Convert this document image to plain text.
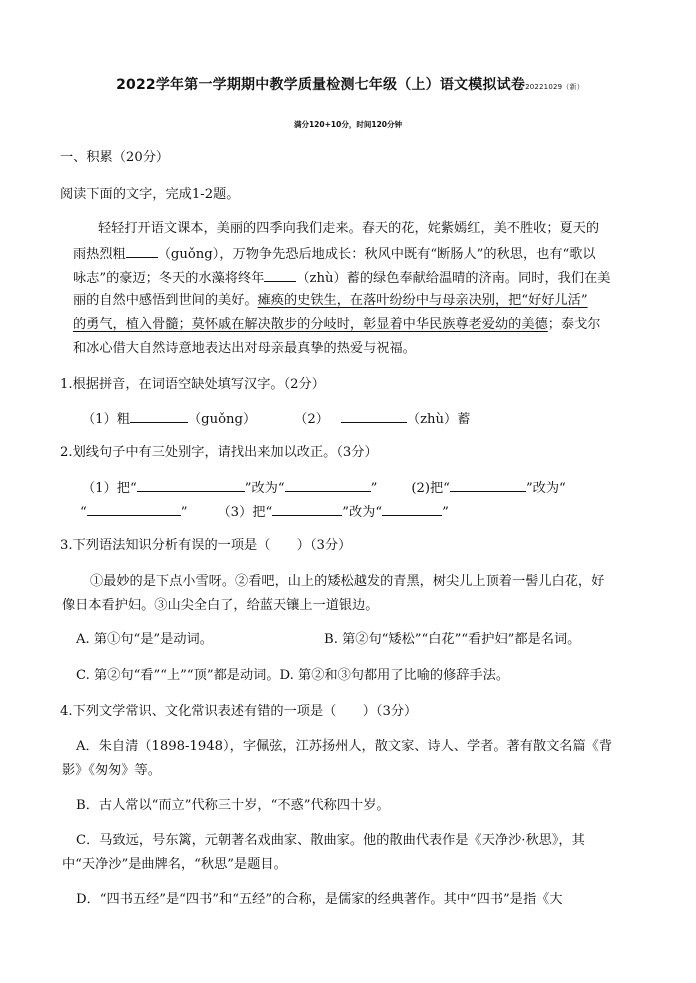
2022学年第一学期期中教学质量检测七年级（上）语文模拟试卷20221029（新）
满分120+10分，时间120分钟
一、积累（20分）
阅读下面的文字，完成1-2题。
轻轻打开语文课本，美丽的四季向我们走来。春天的花，姹紫嫣红，美不胜收；夏天的
雨热烈粗 （guǒng），万物争先恐后地成长：秋风中既有“断肠人”的秋思，也有“歌以
咏志”的豪迈；冬天的水藻将终年 （zhù）蓄的绿色奉献给温晴的济南。同时，我们在美
丽的自然中感悟到世间的美好。瘫痪的史铁生，在落叶纷纷中与母亲决别，把“好好儿活”
的勇气，植入骨髓；莫怀戚在解决散步的分岐时，彰显着中华民族尊老爱幼的美德；泰戈尔
和冰心借大自然诗意地表达出对母亲最真挚的热爱与祝福。
1.根据拼音，在词语空缺处填写汉字。（2分）
（1）粗	（guǒng）	（2）	（zhù）蓄
2.划线句子中有三处别字，请找出来加以改正。（3分）
（1）把“	”改为“	”	(2)把“	”改为“
“	” （3）把“	”改为“	”
3.下列语法知识分析有误的一项是（　　）（3分）
①最妙的是下点小雪呀。②看吧，山上的矮松越发的青黑，树尖儿上顶着一髻儿白花，好
像日本看护妇。③山尖全白了，给蓝天镶上一道银边。
A. 第①句“是”是动词。	B. 第②句“矮松”“白花”“看护妇”都是名词。
C. 第②句“看”“上”“顶”都是动词。D. 第②和③句都用了比喻的修辞手法。
4.下列文学常识、文化常识表述有错的一项是（　　）（3分）
A．朱自清（1898-1948），字佩弦，江苏扬州人，散文家、诗人、学者。著有散文名篇《背
影》《匆匆》等。
B．古人常以“而立”代称三十岁，“不惑”代称四十岁。
C．马致远，号东篱，元朝著名戏曲家、散曲家。他的散曲代表作是《天净沙·秋思》，其
中“天净沙”是曲牌名，“秋思”是题目。
D．“四书五经”是“四书”和“五经”的合称，是儒家的经典著作。其中“四书”是指《大
